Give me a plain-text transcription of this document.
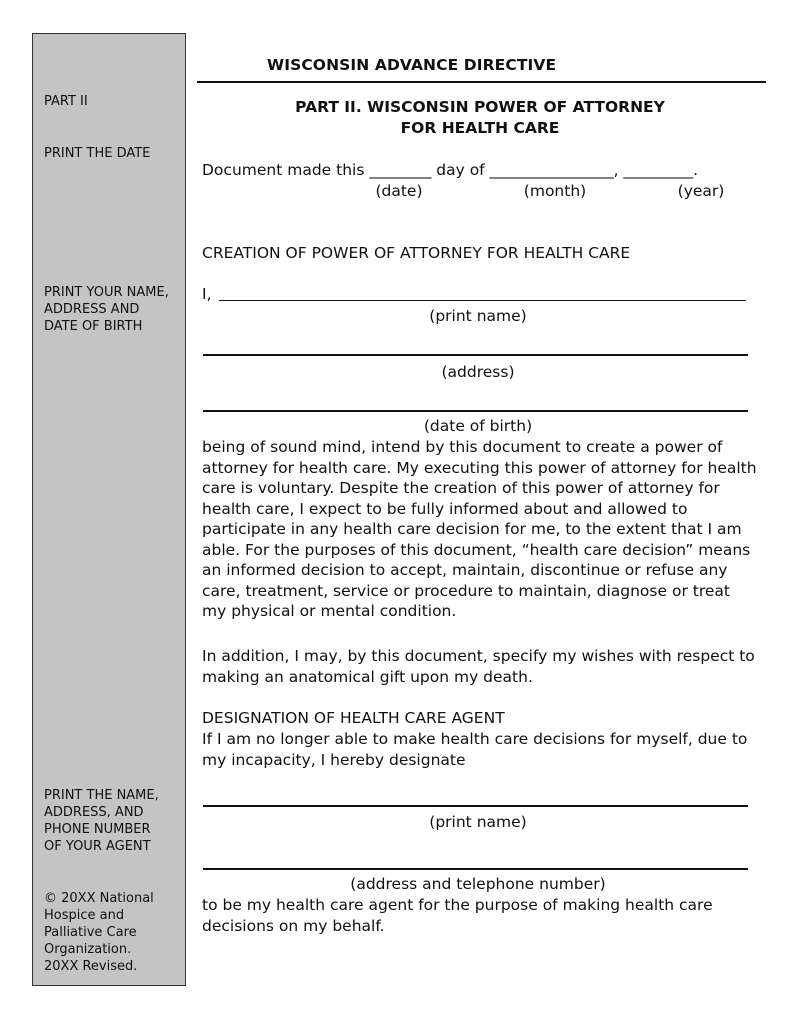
PART II
PRINT THE DATE
PRINT YOUR NAME,
ADDRESS AND
DATE OF BIRTH
PRINT THE NAME,
ADDRESS, AND
PHONE NUMBER
OF YOUR AGENT
© 20XX National
Hospice and
Palliative Care
Organization.
20XX Revised.
WISCONSIN ADVANCE DIRECTIVE
PART II. WISCONSIN POWER OF ATTORNEY
FOR HEALTH CARE
Document made this ________ day of ________________, _________.
(date)	(month)	(year)
CREATION OF POWER OF ATTORNEY FOR HEALTH CARE
I,
(print name)
(address)
(date of birth)
being of sound mind, intend by this document to create a power of attorney for health care. My executing this power of attorney for health care is voluntary. Despite the creation of this power of attorney for health care, I expect to be fully informed about and allowed to participate in any health care decision for me, to the extent that I am able. For the purposes of this document, “health care decision” means an informed decision to accept, maintain, discontinue or refuse any care, treatment, service or procedure to maintain, diagnose or treat my physical or mental condition.
In addition, I may, by this document, specify my wishes with respect to making an anatomical gift upon my death.
DESIGNATION OF HEALTH CARE AGENT
If I am no longer able to make health care decisions for myself, due to my incapacity, I hereby designate
(print name)
(address and telephone number)
to be my health care agent for the purpose of making health care decisions on my behalf.
